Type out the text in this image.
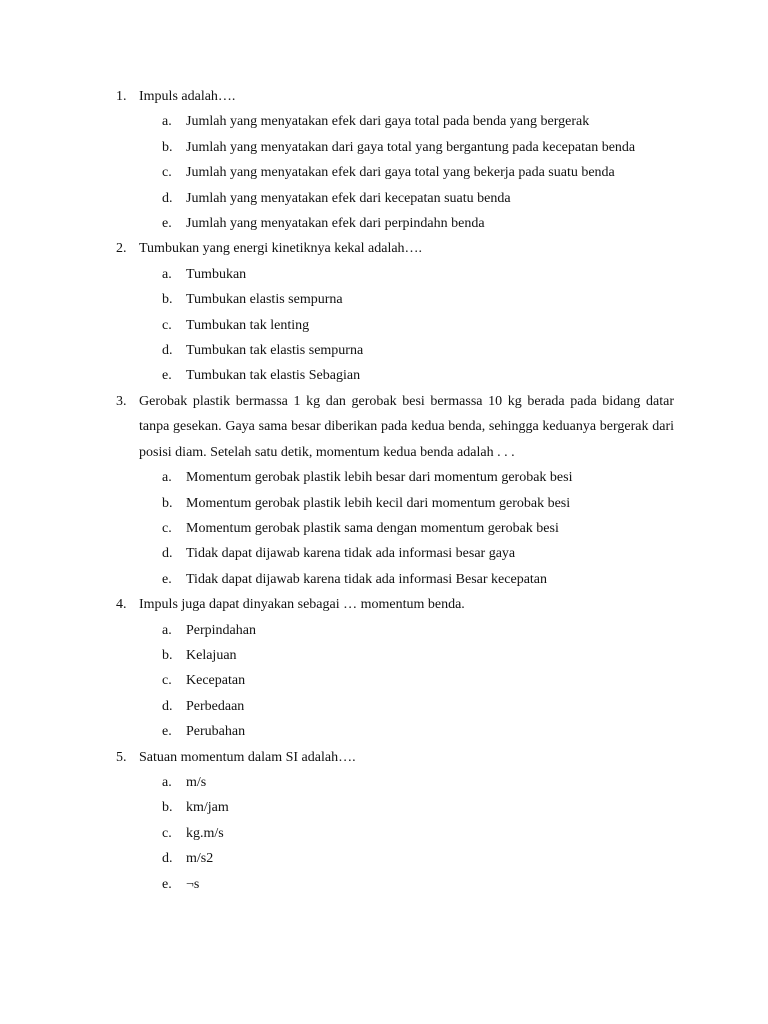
1. Impuls adalah….
a. Jumlah yang menyatakan efek dari gaya total pada benda yang bergerak
b. Jumlah yang menyatakan dari gaya total yang bergantung pada kecepatan benda
c. Jumlah yang menyatakan efek dari gaya total yang bekerja pada suatu benda
d. Jumlah yang menyatakan efek dari kecepatan suatu benda
e. Jumlah yang menyatakan efek dari perpindahn benda
2. Tumbukan yang energi kinetiknya kekal adalah….
a. Tumbukan
b. Tumbukan elastis sempurna
c. Tumbukan tak lenting
d. Tumbukan tak elastis sempurna
e. Tumbukan tak elastis Sebagian
3. Gerobak plastik bermassa 1 kg dan gerobak besi bermassa 10 kg berada pada bidang datar tanpa gesekan. Gaya sama besar diberikan pada kedua benda, sehingga keduanya bergerak dari posisi diam. Setelah satu detik, momentum kedua benda adalah . . .
a. Momentum gerobak plastik lebih besar dari momentum gerobak besi
b. Momentum gerobak plastik lebih kecil dari momentum gerobak besi
c. Momentum gerobak plastik sama dengan momentum gerobak besi
d. Tidak dapat dijawab karena tidak ada informasi besar gaya
e. Tidak dapat dijawab karena tidak ada informasi Besar kecepatan
4. Impuls juga dapat dinyakan sebagai … momentum benda.
a. Perpindahan
b. Kelajuan
c. Kecepatan
d. Perbedaan
e. Perubahan
5. Satuan momentum dalam SI adalah….
a. m/s
b. km/jam
c. kg.m/s
d. m/s2
e. ¬s
